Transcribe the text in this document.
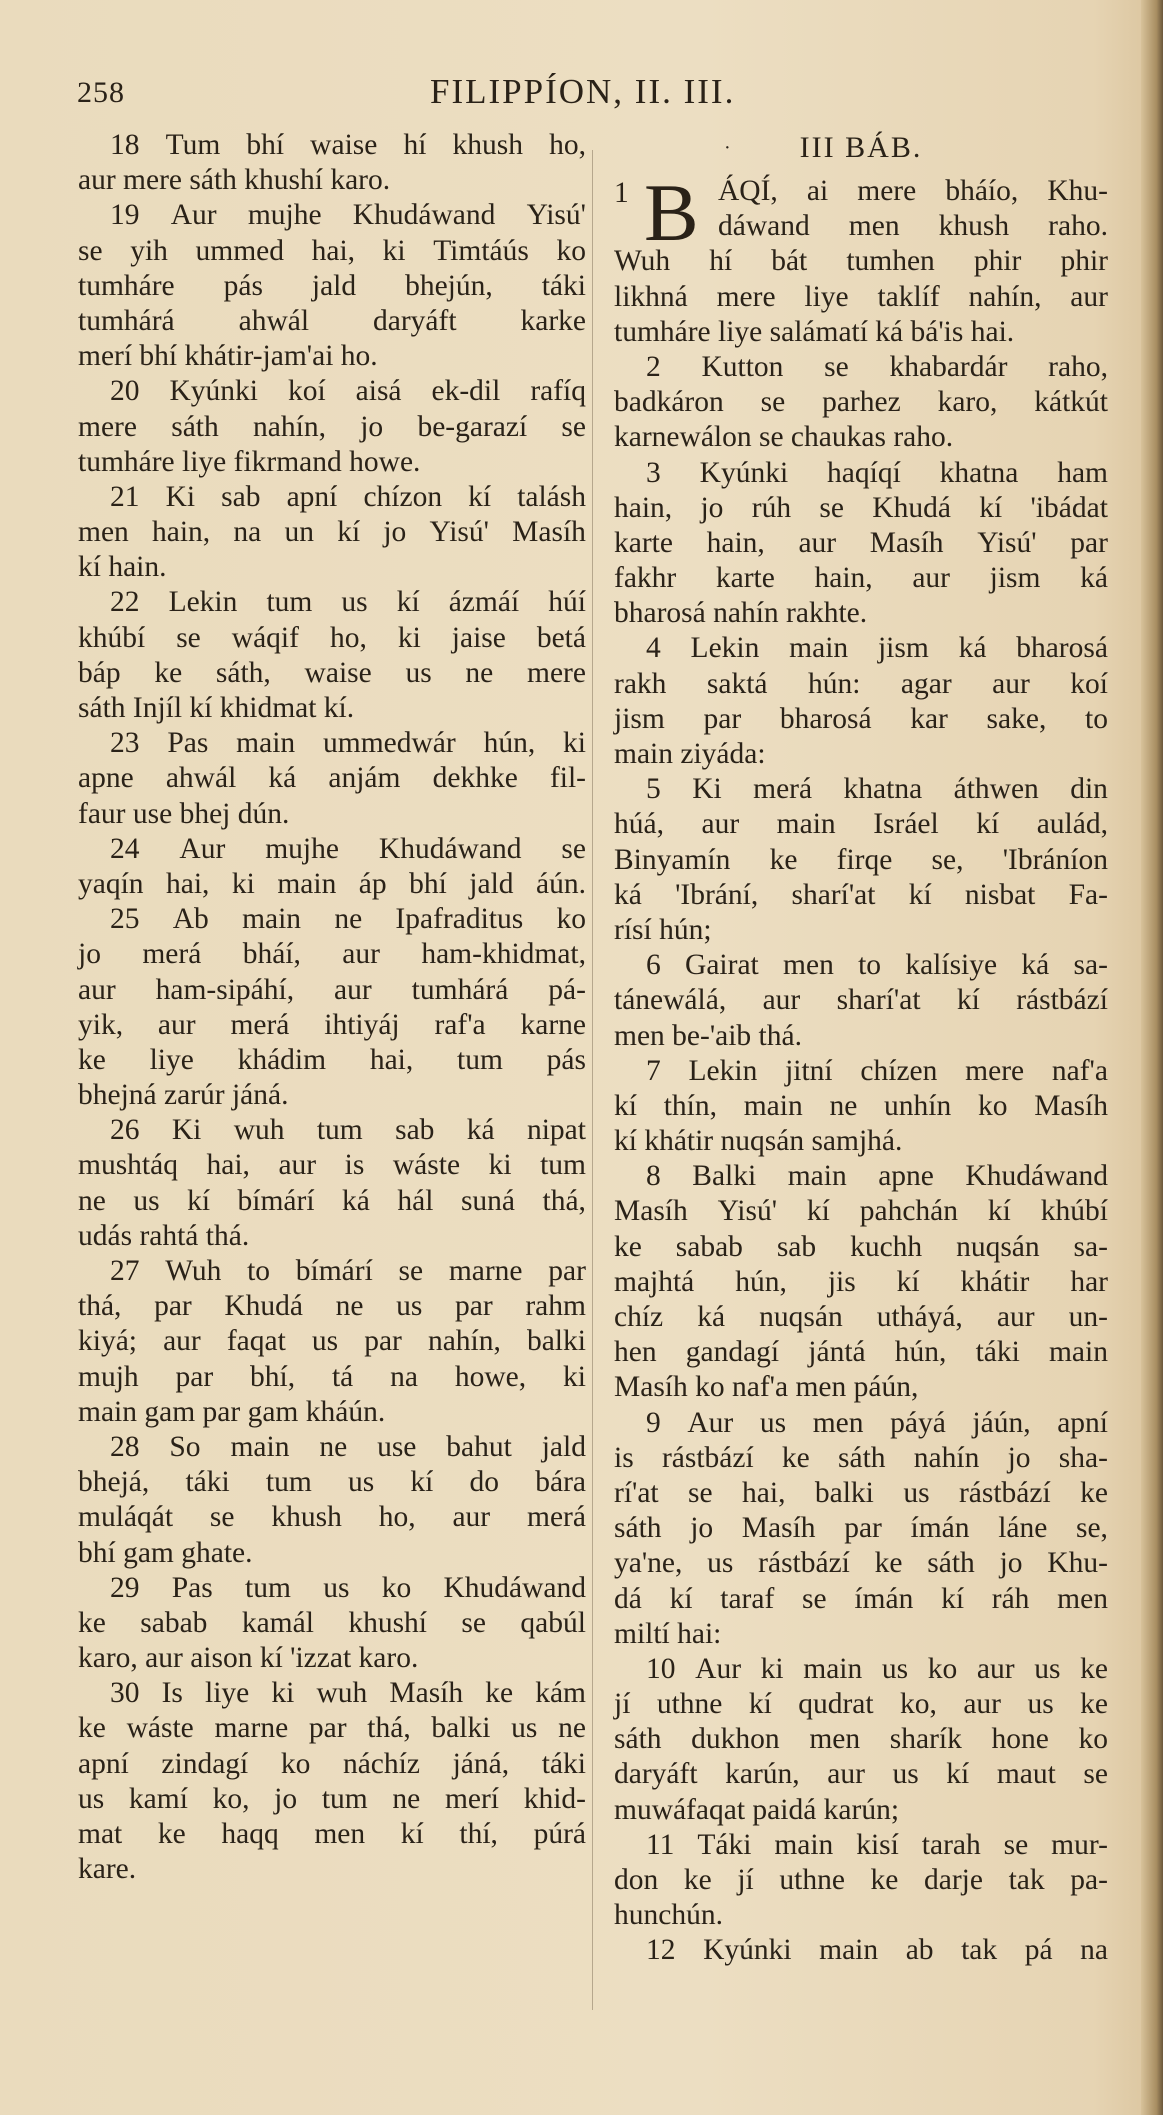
258	FILIPPÍON, II. III.
18 Tum bhí waise hí khush ho,
aur mere sáth khushí karo.
19 Aur mujhe Khudáwand Yisú'
se yih ummed hai, ki Timtáús ko
tumháre pás jald bhejún, táki
tumhárá ahwál daryáft karke
merí bhí khátir-jam'ai ho.
20 Kyúnki koí aisá ek-dil rafíq
mere sáth nahín, jo be-garazí se
tumháre liye fikrmand howe.
21 Ki sab apní chízon kí talásh
men hain, na un kí jo Yisú' Masíh
kí hain.
22 Lekin tum us kí ázmáí húí
khúbí se wáqif ho, ki jaise betá
báp ke sáth, waise us ne mere
sáth Injíl kí khidmat kí.
23 Pas main ummedwár hún, ki
apne ahwál ká anjám dekhke fil-
faur use bhej dún.
24 Aur mujhe Khudáwand se
yaqín hai, ki main áp bhí jald áún.
25 Ab main ne Ipafraditus ko
jo merá bháí, aur ham-khidmat,
aur ham-sipáhí, aur tumhárá pá-
yik, aur merá ihtiyáj raf'a karne
ke liye khádim hai, tum pás
bhejná zarúr jáná.
26 Ki wuh tum sab ká nipat
mushtáq hai, aur is wáste ki tum
ne us kí bímárí ká hál suná thá,
udás rahtá thá.
27 Wuh to bímárí se marne par
thá, par Khudá ne us par rahm
kiyá; aur faqat us par nahín, balki
mujh par bhí, tá na howe, ki
main gam par gam kháún.
28 So main ne use bahut jald
bhejá, táki tum us kí do bára
muláqát se khush ho, aur merá
bhí gam ghate.
29 Pas tum us ko Khudáwand
ke sabab kamál khushí se qabúl
karo, aur aison kí 'izzat karo.
30 Is liye ki wuh Masíh ke kám
ke wáste marne par thá, balki us ne
apní zindagí ko náchíz jáná, táki
us kamí ko, jo tum ne merí khid-
mat ke haqq men kí thí, púrá
kare.
· III BÁB.
1 B ÁQÍ, ai mere bháío, Khu-
dáwand men khush raho.
Wuh hí bát tumhen phir phir
likhná mere liye taklíf nahín, aur
tumháre liye salámatí ká bá'is hai.
2 Kutton se khabardár raho,
badkáron se parhez karo, kátkút
karnewálon se chaukas raho.
3 Kyúnki haqíqí khatna ham
hain, jo rúh se Khudá kí 'ibádat
karte hain, aur Masíh Yisú' par
fakhr karte hain, aur jism ká
bharosá nahín rakhte.
4 Lekin main jism ká bharosá
rakh saktá hún: agar aur koí
jism par bharosá kar sake, to
main ziyáda:
5 Ki merá khatna áthwen din
húá, aur main Isráel kí aulád,
Binyamín ke firqe se, 'Ibráníon
ká 'Ibrání, sharí'at kí nisbat Fa-
rísí hún;
6 Gairat men to kalísiye ká sa-
tánewálá, aur sharí'at kí rástbází
men be-'aib thá.
7 Lekin jitní chízen mere naf'a
kí thín, main ne unhín ko Masíh
kí khátir nuqsán samjhá.
8 Balki main apne Khudáwand
Masíh Yisú' kí pahchán kí khúbí
ke sabab sab kuchh nuqsán sa-
majhtá hún, jis kí khátir har
chíz ká nuqsán utháyá, aur un-
hen gandagí jántá hún, táki main
Masíh ko naf'a men páún,
9 Aur us men páyá jáún, apní
is rástbází ke sáth nahín jo sha-
rí'at se hai, balki us rástbází ke
sáth jo Masíh par ímán láne se,
ya'ne, us rástbází ke sáth jo Khu-
dá kí taraf se ímán kí ráh men
miltí hai:
10 Aur ki main us ko aur us ke
jí uthne kí qudrat ko, aur us ke
sáth dukhon men sharík hone ko
daryáft karún, aur us kí maut se
muwáfaqat paidá karún;
11 Táki main kisí tarah se mur-
don ke jí uthne ke darje tak pa-
hunchún.
12 Kyúnki main ab tak pá na
